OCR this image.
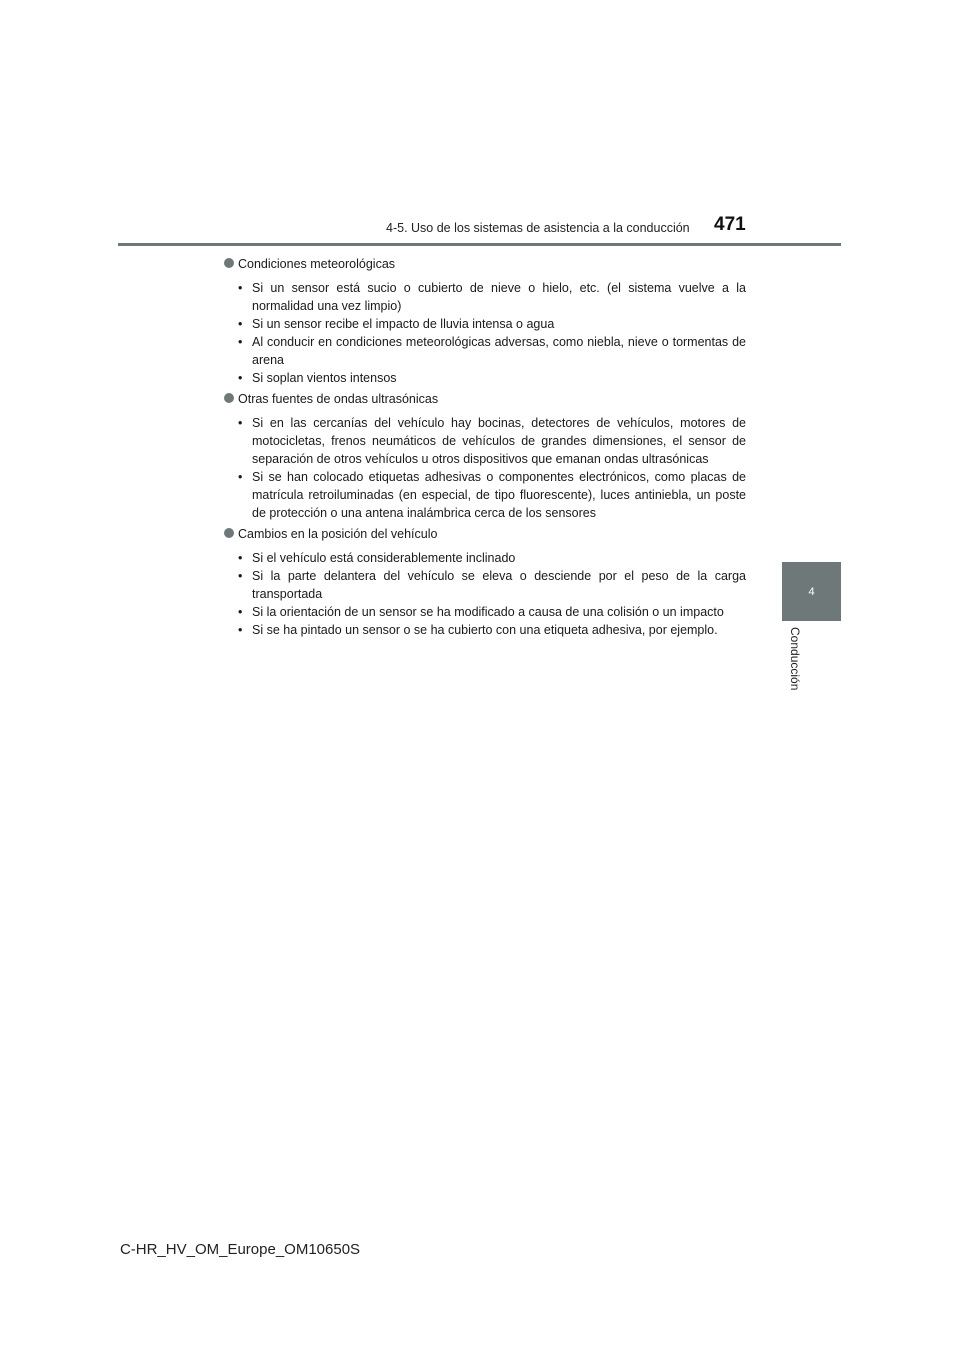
4-5. Uso de los sistemas de asistencia a la conducción 471
4
Conducción
Condiciones meteorológicas
• Si un sensor está sucio o cubierto de nieve o hielo, etc. (el sistema vuelve a la normalidad una vez limpio)
• Si un sensor recibe el impacto de lluvia intensa o agua
• Al conducir en condiciones meteorológicas adversas, como niebla, nieve o tormentas de arena
• Si soplan vientos intensos
Otras fuentes de ondas ultrasónicas
• Si en las cercanías del vehículo hay bocinas, detectores de vehículos, motores de motocicletas, frenos neumáticos de vehículos de grandes dimensiones, el sensor de separación de otros vehículos u otros dispositivos que emanan ondas ultrasónicas
• Si se han colocado etiquetas adhesivas o componentes electrónicos, como placas de matrícula retroiluminadas (en especial, de tipo fluorescente), luces antiniebla, un poste de protección o una antena inalámbrica cerca de los sensores
Cambios en la posición del vehículo
• Si el vehículo está considerablemente inclinado
• Si la parte delantera del vehículo se eleva o desciende por el peso de la carga transportada
• Si la orientación de un sensor se ha modificado a causa de una colisión o un impacto
• Si se ha pintado un sensor o se ha cubierto con una etiqueta adhesiva, por ejemplo.
C-HR_HV_OM_Europe_OM10650S
